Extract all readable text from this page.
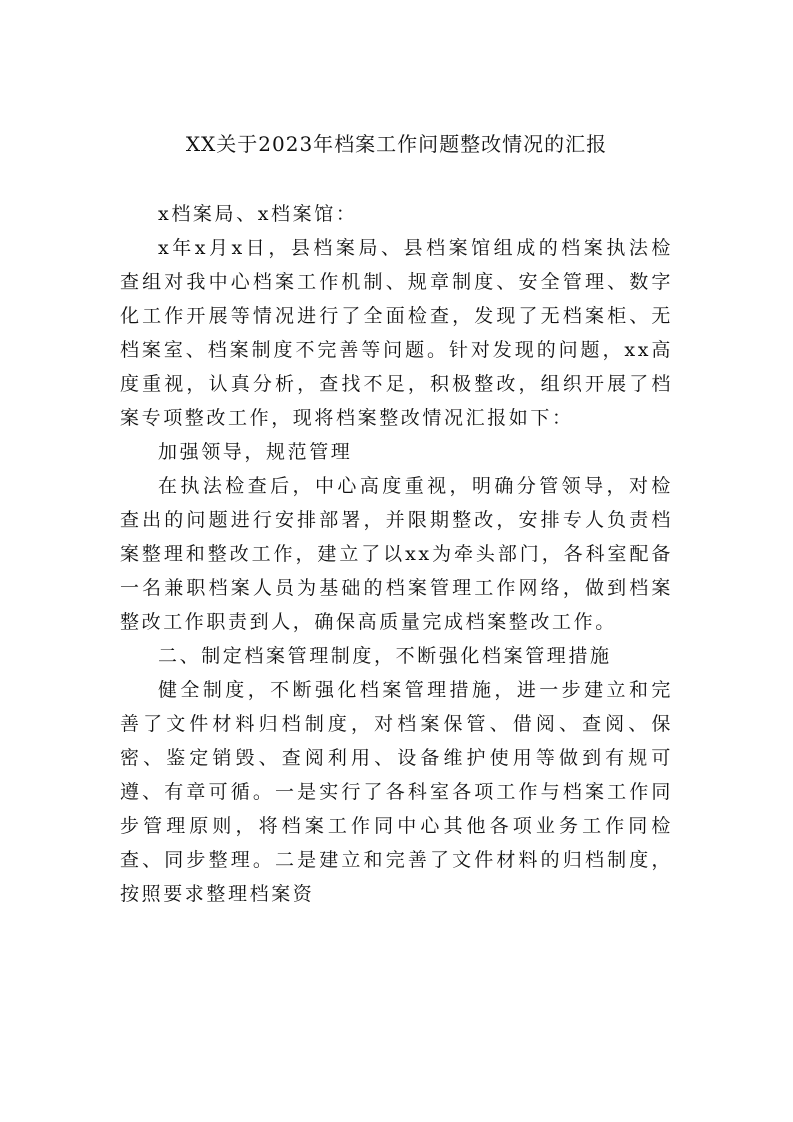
XX关于2023年档案工作问题整改情况的汇报

x档案局、x档案馆：

x年x月x日，县档案局、县档案馆组成的档案执法检查组对我中心档案工作机制、规章制度、安全管理、数字化工作开展等情况进行了全面检查，发现了无档案柜、无档案室、档案制度不完善等问题。针对发现的问题，xx高度重视，认真分析，查找不足，积极整改，组织开展了档案专项整改工作，现将档案整改情况汇报如下：

加强领导，规范管理

在执法检查后，中心高度重视，明确分管领导，对检查出的问题进行安排部署，并限期整改，安排专人负责档案整理和整改工作，建立了以xx为牵头部门，各科室配备一名兼职档案人员为基础的档案管理工作网络，做到档案整改工作职责到人，确保高质量完成档案整改工作。

二、制定档案管理制度，不断强化档案管理措施

健全制度，不断强化档案管理措施，进一步建立和完善了文件材料归档制度，对档案保管、借阅、查阅、保密、鉴定销毁、查阅利用、设备维护使用等做到有规可遵、有章可循。一是实行了各科室各项工作与档案工作同步管理原则，将档案工作同中心其他各项业务工作同检查、同步整理。二是建立和完善了文件材料的归档制度，按照要求整理档案资
